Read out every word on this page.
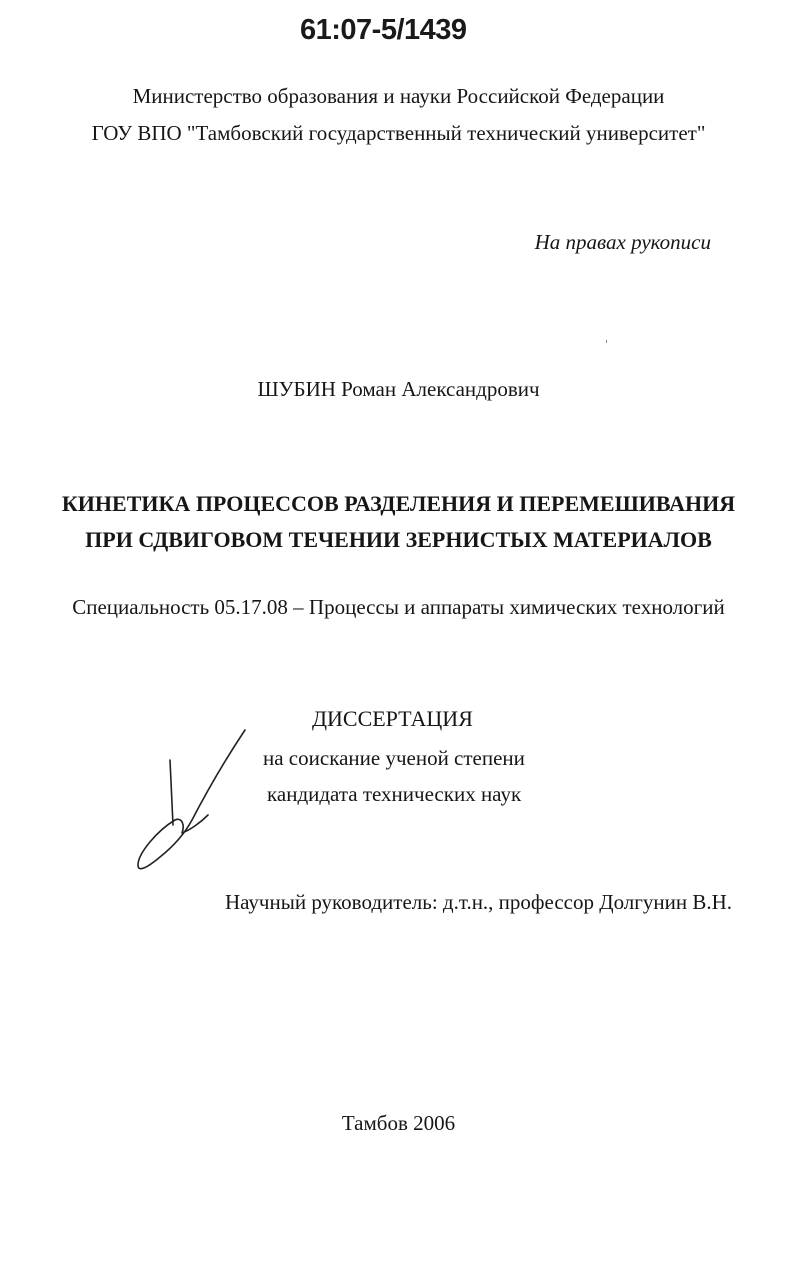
61:07-5/1439
Министерство образования и науки Российской Федерации
ГОУ ВПО "Тамбовский государственный технический университет"
На правах рукописи
ШУБИН Роман Александрович
КИНЕТИКА ПРОЦЕССОВ РАЗДЕЛЕНИЯ И ПЕРЕМЕШИВАНИЯ
ПРИ СДВИГОВОМ ТЕЧЕНИИ ЗЕРНИСТЫХ МАТЕРИАЛОВ
Специальность 05.17.08 – Процессы и аппараты химических технологий
ДИССЕРТАЦИЯ
на соискание ученой степени
кандидата технических наук
Научный руководитель: д.т.н., профессор Долгунин В.Н.
Тамбов 2006
